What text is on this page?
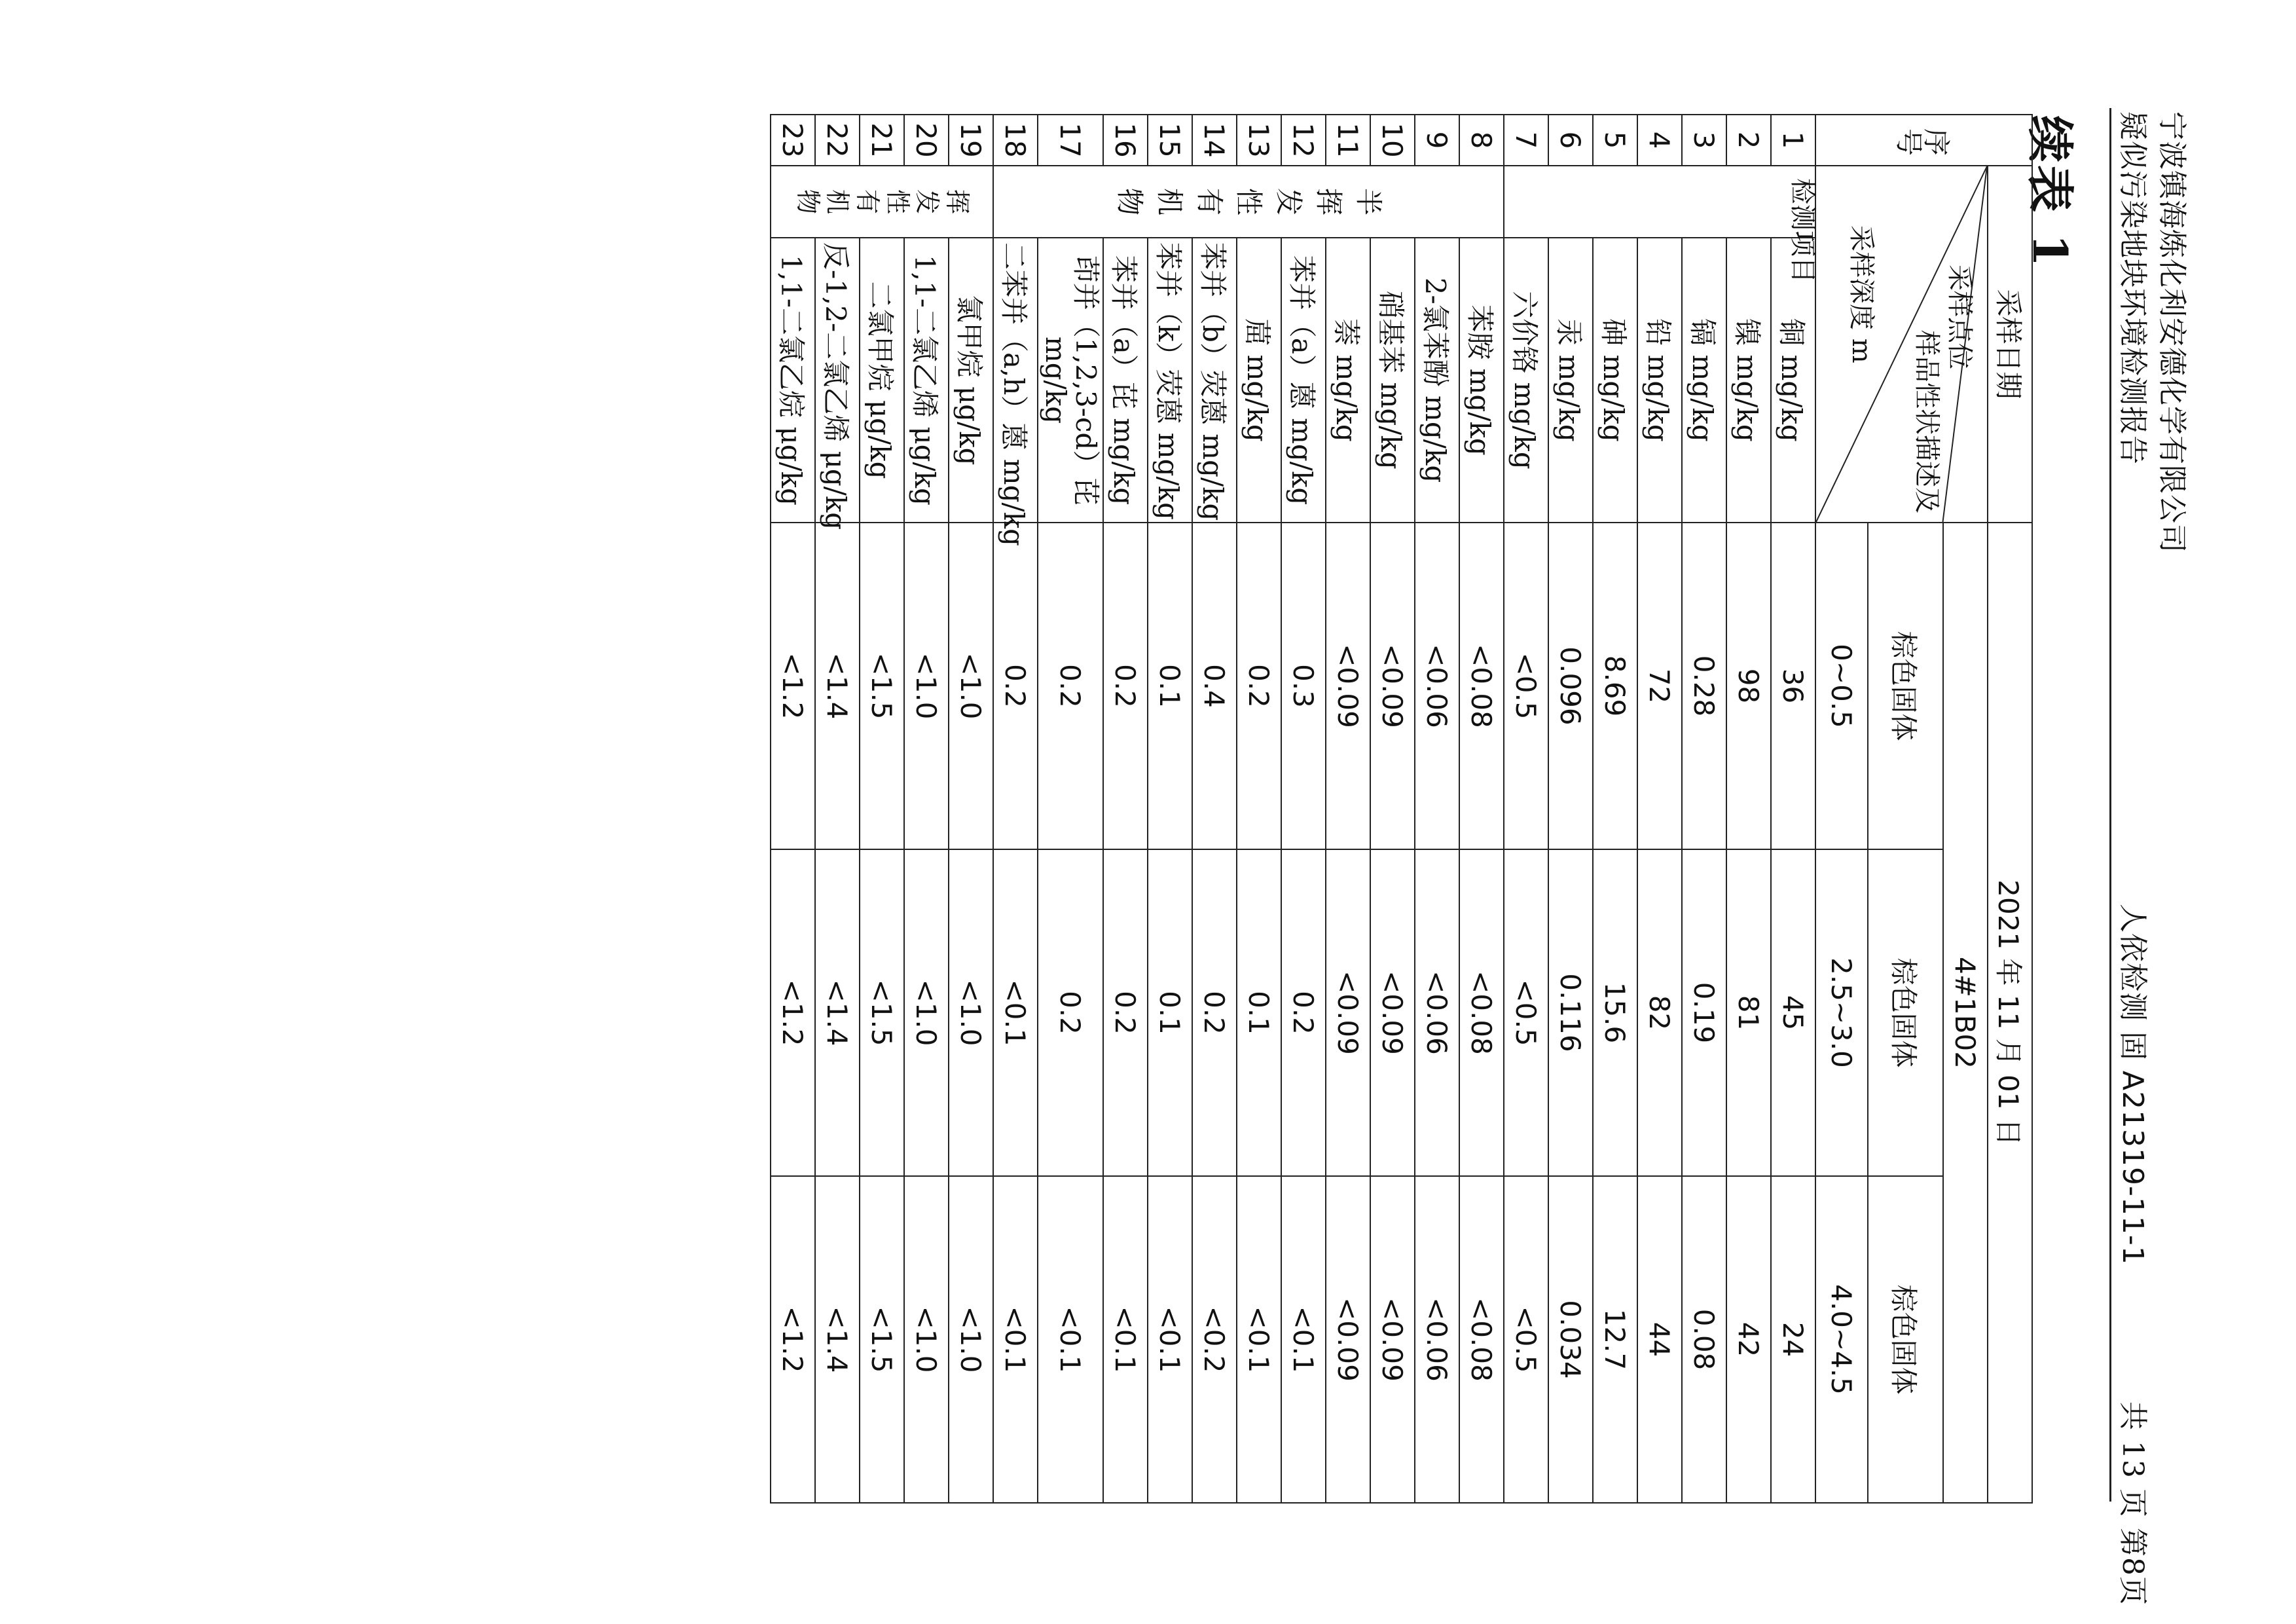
宁波镇海炼化利安德化学有限公司
疑似污染地块环境检测报告
人依检测 固 A21319-11-1
共 13 页 第8页
续表 1
序号	采样日期		2021 年 11 月 01 日		

	采样点位
样品性状描述及
采样深度 m
检测项目		4#1B02		
			棕色固体	棕色固体	棕色固体
			0~0.5	2.5~3.0	4.0~4.5
1		铜 mg/kg	36	45	24
2		镍 mg/kg	98	81	42
3		镉 mg/kg	0.28	0.19	0.08
4		铅 mg/kg	72	82	44
5		砷 mg/kg	8.69	15.6	12.7
6		汞 mg/kg	0.096	0.116	0.034
7		六价铬 mg/kg	<0.5	<0.5	<0.5
8	半挥发性有机物	苯胺 mg/kg	<0.08	<0.08	<0.08
9		2-氯苯酚 mg/kg	<0.06	<0.06	<0.06
10		硝基苯 mg/kg	<0.09	<0.09	<0.09
11		萘 mg/kg	<0.09	<0.09	<0.09
12		苯并（a）蒽 mg/kg	0.3	0.2	<0.1
13		䓛 mg/kg	0.2	0.1	<0.1
14		苯并（b）荧蒽 mg/kg	0.4	0.2	<0.2
15		苯并（k）荧蒽 mg/kg	0.1	0.1	<0.1
16		苯并（a）芘 mg/kg	0.2	0.2	<0.1
17		茚并（1,2,3-cd）芘
mg/kg	0.2	0.2	<0.1
18		二苯并（a,h）蒽 mg/kg	0.2	<0.1	<0.1
19	挥发性有机物	氯甲烷 μg/kg	<1.0	<1.0	<1.0
20		1,1-二氯乙烯 μg/kg	<1.0	<1.0	<1.0
21		二氯甲烷 μg/kg	<1.5	<1.5	<1.5
22		反-1,2-二氯乙烯 μg/kg	<1.4	<1.4	<1.4
23		1,1-二氯乙烷 μg/kg	<1.2	<1.2	<1.2
